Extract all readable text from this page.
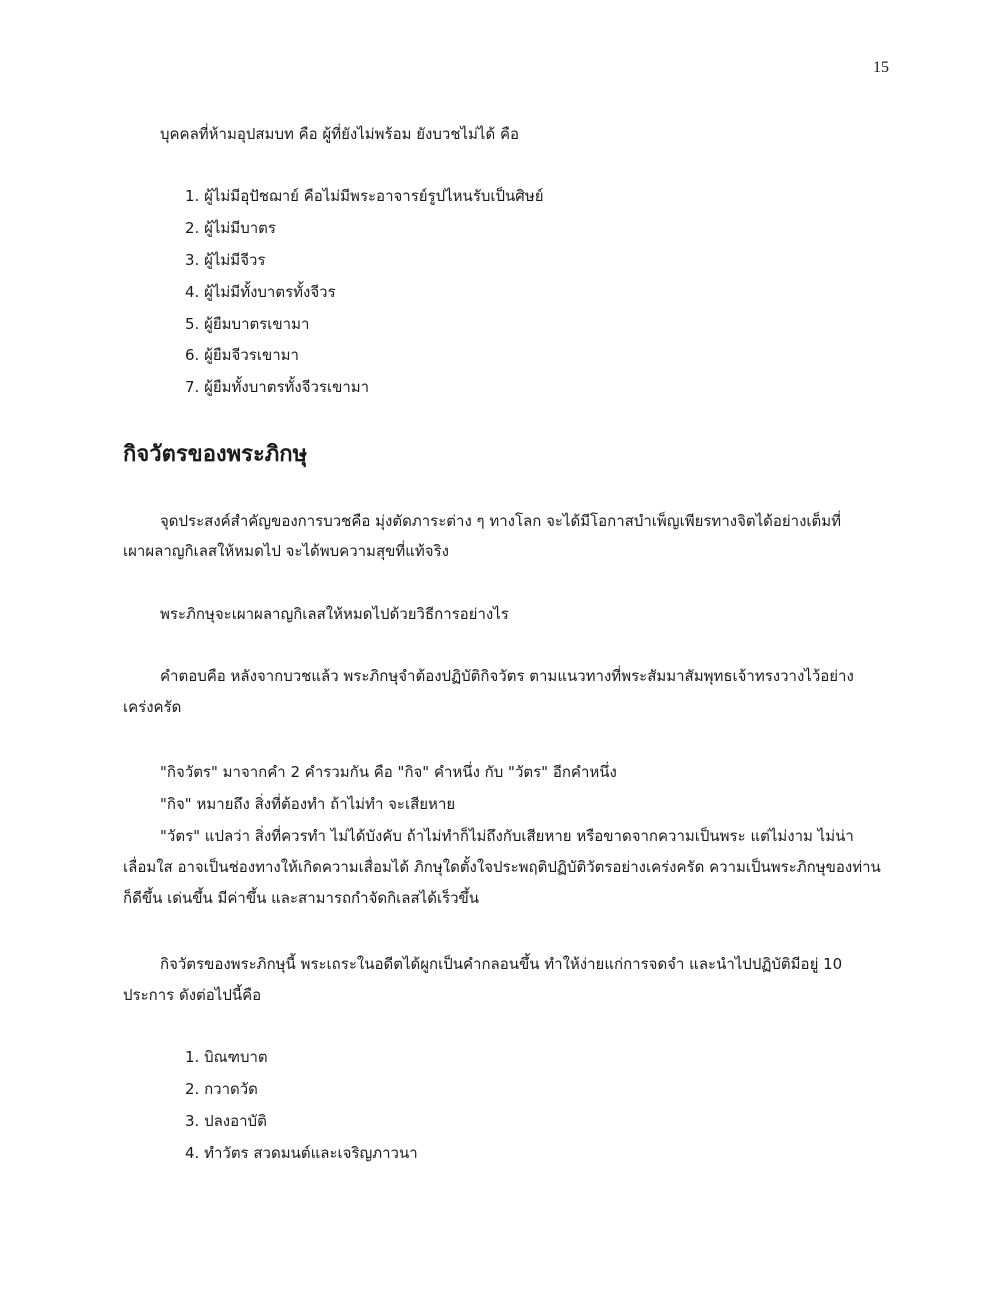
15
บุคคลที่ห้ามอุปสมบท คือ ผู้ที่ยังไม่พร้อม ยังบวชไม่ได้ คือ
1. ผู้ไม่มีอุปัชฌาย์ คือไม่มีพระอาจารย์รูปไหนรับเป็นศิษย์
2. ผู้ไม่มีบาตร
3. ผู้ไม่มีจีวร
4. ผู้ไม่มีทั้งบาตรทั้งจีวร
5. ผู้ยืมบาตรเขามา
6. ผู้ยืมจีวรเขามา
7. ผู้ยืมทั้งบาตรทั้งจีวรเขามา
กิจวัตรของพระภิกษุ
จุดประสงค์สำคัญของการบวชคือ มุ่งตัดภาระต่าง ๆ ทางโลก จะได้มีโอกาสบำเพ็ญเพียรทางจิตได้อย่างเต็มที่
เผาผลาญกิเลสให้หมดไป จะได้พบความสุขที่แท้จริง
พระภิกษุจะเผาผลาญกิเลสให้หมดไปด้วยวิธีการอย่างไร
คำตอบคือ หลังจากบวชแล้ว พระภิกษุจำต้องปฏิบัติกิจวัตร ตามแนวทางที่พระสัมมาสัมพุทธเจ้าทรงวางไว้อย่าง
เคร่งครัด
"กิจวัตร" มาจากคำ 2 คำรวมกัน คือ "กิจ" คำหนึ่ง กับ "วัตร" อีกคำหนึ่ง
"กิจ" หมายถึง สิ่งที่ต้องทำ ถ้าไม่ทำ จะเสียหาย
"วัตร" แปลว่า สิ่งที่ควรทำ ไม่ได้บังคับ ถ้าไม่ทำก็ไม่ถึงกับเสียหาย หรือขาดจากความเป็นพระ แต่ไม่งาม ไม่น่า
เลื่อมใส อาจเป็นช่องทางให้เกิดความเสื่อมได้ ภิกษุใดตั้งใจประพฤติปฏิบัติวัตรอย่างเคร่งครัด ความเป็นพระภิกษุของท่าน
ก็ดีขึ้น เด่นขึ้น มีค่าขึ้น และสามารถกำจัดกิเลสได้เร็วขึ้น
กิจวัตรของพระภิกษุนี้ พระเถระในอดีตได้ผูกเป็นคำกลอนขึ้น ทำให้ง่ายแก่การจดจำ และนำไปปฏิบัติมีอยู่ 10
ประการ ดังต่อไปนี้คือ
1. บิณฑบาต
2. กวาดวัด
3. ปลงอาบัติ
4. ทำวัตร สวดมนต์และเจริญภาวนา
